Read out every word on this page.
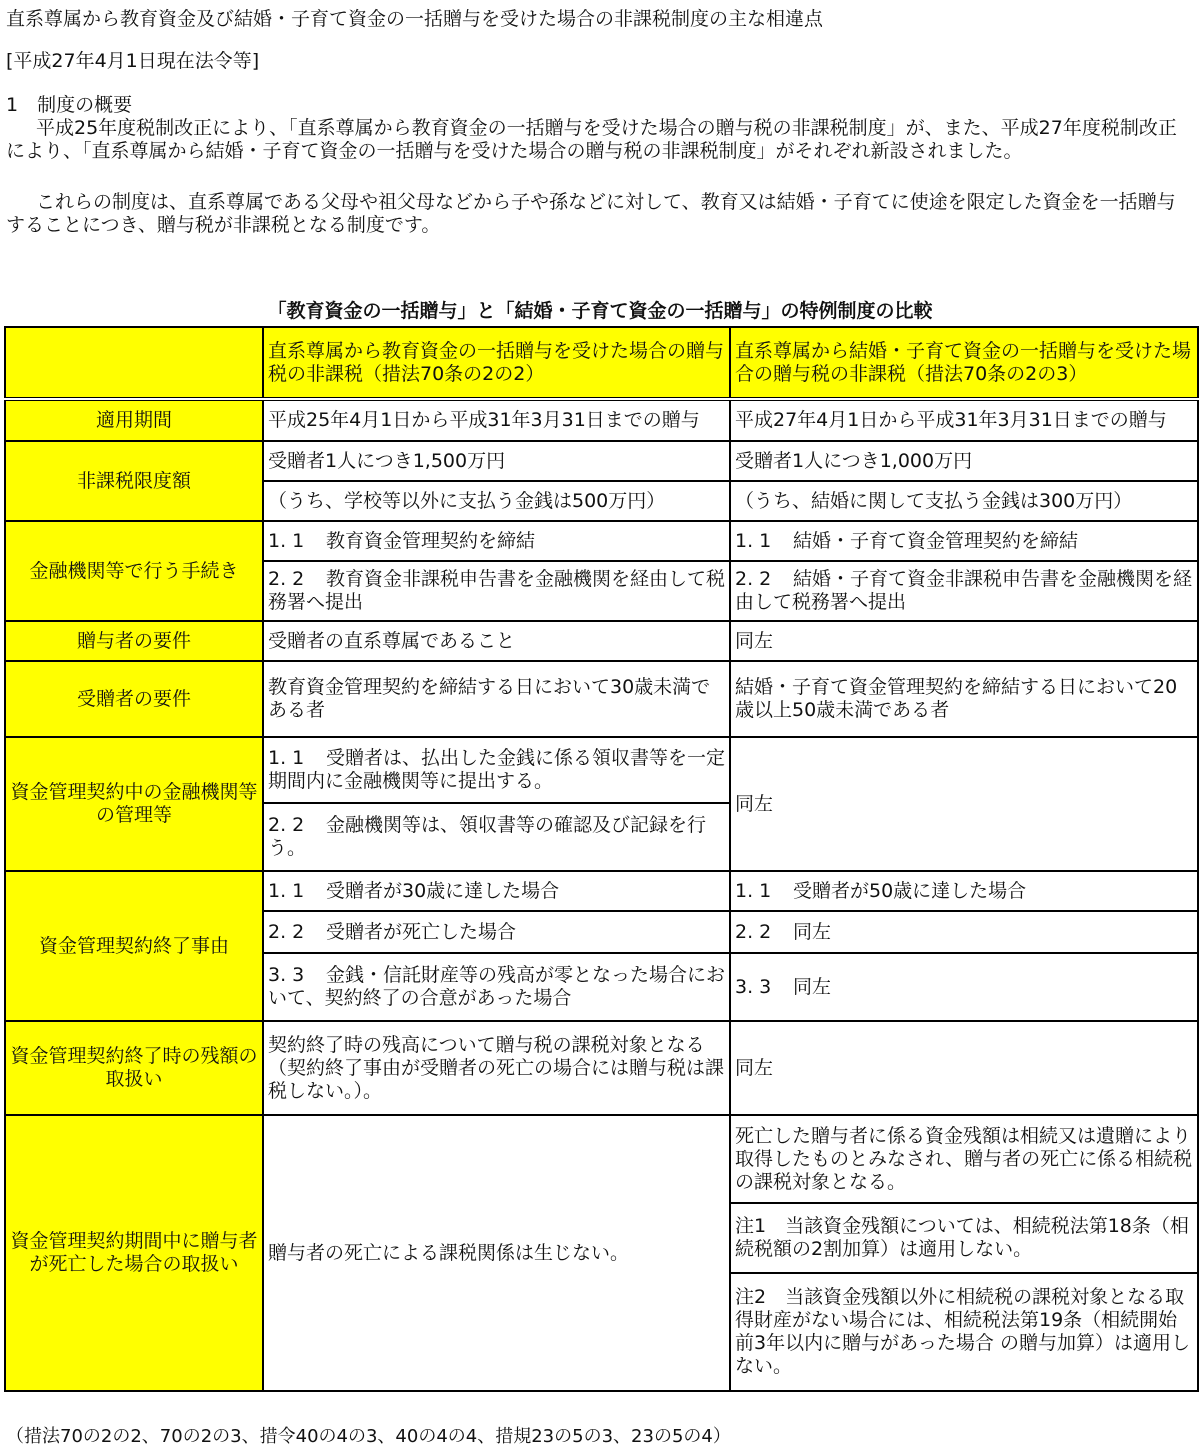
直系尊属から教育資金及び結婚・子育て資金の一括贈与を受けた場合の非課税制度の主な相違点
[平成27年4月1日現在法令等]
1　制度の概要
平成25年度税制改正により、「直系尊属から教育資金の一括贈与を受けた場合の贈与税の非課税制度」が、また、平成27年度税制改正により、「直系尊属から結婚・子育て資金の一括贈与を受けた場合の贈与税の非課税制度」がそれぞれ新設されました。
これらの制度は、直系尊属である父母や祖父母などから子や孫などに対して、教育又は結婚・子育てに使途を限定した資金を一括贈与することにつき、贈与税が非課税となる制度です。
「教育資金の一括贈与」と「結婚・子育て資金の一括贈与」の特例制度の比較
	直系尊属から教育資金の一括贈与を受けた場合の贈与税の非課税（措法70条の2の2）	直系尊属から結婚・子育て資金の一括贈与を受けた場合の贈与税の非課税（措法70条の2の3）
適用期間	平成25年4月1日から平成31年3月31日までの贈与	平成27年4月1日から平成31年3月31日までの贈与
非課税限度額	受贈者1人につき1,500万円	受贈者1人につき1,000万円
	（うち、学校等以外に支払う金銭は500万円）	（うち、結婚に関して支払う金銭は300万円）
金融機関等で行う手続き	1. 1 教育資金管理契約を締結	1. 1 結婚・子育て資金管理契約を締結
	2. 2 教育資金非課税申告書を金融機関を経由して税務署へ提出	2. 2 結婚・子育て資金非課税申告書を金融機関を経由して税務署へ提出
贈与者の要件	受贈者の直系尊属であること	同左
受贈者の要件	教育資金管理契約を締結する日において30歳未満である者	結婚・子育て資金管理契約を締結する日において20歳以上50歳未満である者
資金管理契約中の金融機関等の管理等	1. 1 受贈者は、払出した金銭に係る領収書等を一定期間内に金融機関等に提出する。	同左
	2. 2 金融機関等は、領収書等の確認及び記録を行う。	
資金管理契約終了事由	1. 1 受贈者が30歳に達した場合	1. 1 受贈者が50歳に達した場合
	2. 2 受贈者が死亡した場合	2. 2 同左
	3. 3 金銭・信託財産等の残高が零となった場合において、契約終了の合意があった場合	3. 3 同左
資金管理契約終了時の残額の取扱い	契約終了時の残高について贈与税の課税対象となる（契約終了事由が受贈者の死亡の場合には贈与税は課税しない。）。	同左
資金管理契約期間中に贈与者が死亡した場合の取扱い	贈与者の死亡による課税関係は生じない。	死亡した贈与者に係る資金残額は相続又は遺贈により取得したものとみなされ、贈与者の死亡に係る相続税の課税対象となる。
		注1　当該資金残額については、相続税法第18条（相続税額の2割加算）は適用しない。
		注2　当該資金残額以外に相続税の課税対象となる取得財産がない場合には、相続税法第19条（相続開始前3年以内に贈与があった場合 の贈与加算）は適用しない。
（措法70の2の2、70の2の3、措令40の4の3、40の4の4、措規23の5の3、23の5の4）
